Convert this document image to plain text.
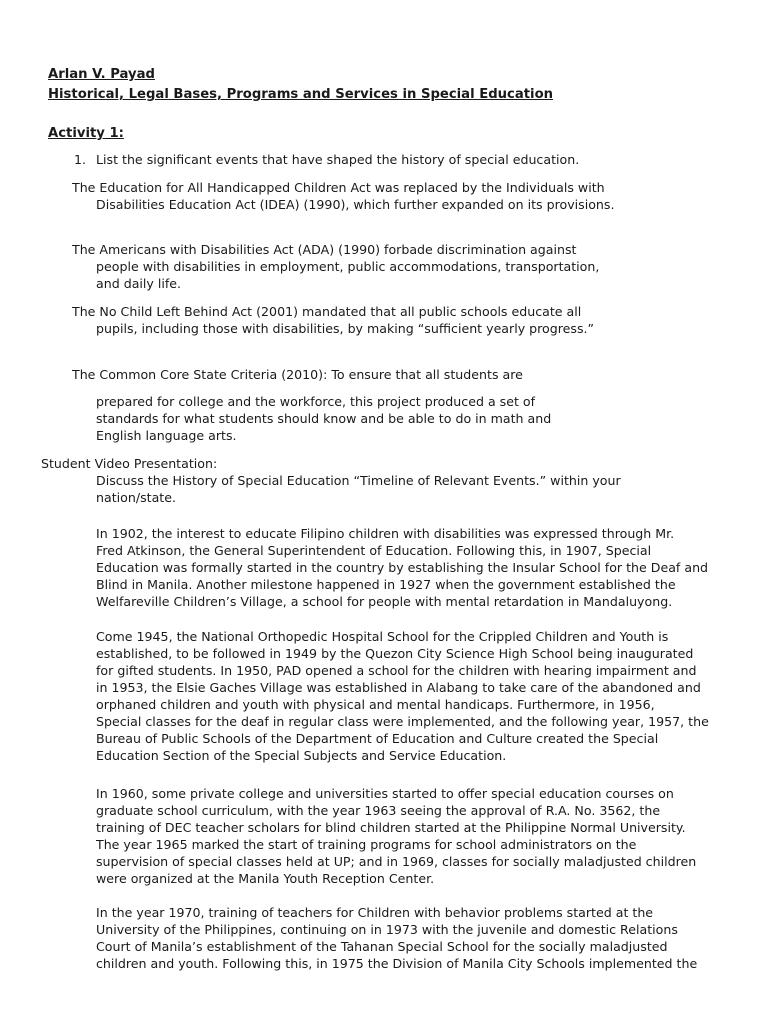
Arlan V. Payad
Historical, Legal Bases, Programs and Services in Special Education
Activity 1:
1. List the significant events that have shaped the history of special education.
The Education for All Handicapped Children Act was replaced by the Individuals with Disabilities Education Act (IDEA) (1990), which further expanded on its provisions.
The Americans with Disabilities Act (ADA) (1990) forbade discrimination against people with disabilities in employment, public accommodations, transportation, and daily life.
The No Child Left Behind Act (2001) mandated that all public schools educate all pupils, including those with disabilities, by making “sufficient yearly progress.”
The Common Core State Criteria (2010): To ensure that all students are
prepared for college and the workforce, this project produced a set of standards for what students should know and be able to do in math and English language arts.
Student Video Presentation:
Discuss the History of Special Education “Timeline of Relevant Events.” within your nation/state.
In 1902, the interest to educate Filipino children with disabilities was expressed through Mr.
Fred Atkinson, the General Superintendent of Education. Following this, in 1907, Special
Education was formally started in the country by establishing the Insular School for the Deaf and
Blind in Manila. Another milestone happened in 1927 when the government established the
Welfareville Children’s Village, a school for people with mental retardation in Mandaluyong.
Come 1945, the National Orthopedic Hospital School for the Crippled Children and Youth is
established, to be followed in 1949 by the Quezon City Science High School being inaugurated
for gifted students. In 1950, PAD opened a school for the children with hearing impairment and
in 1953, the Elsie Gaches Village was established in Alabang to take care of the abandoned and
orphaned children and youth with physical and mental handicaps. Furthermore, in 1956,
Special classes for the deaf in regular class were implemented, and the following year, 1957, the
Bureau of Public Schools of the Department of Education and Culture created the Special
Education Section of the Special Subjects and Service Education.
In 1960, some private college and universities started to offer special education courses on
graduate school curriculum, with the year 1963 seeing the approval of R.A. No. 3562, the
training of DEC teacher scholars for blind children started at the Philippine Normal University.
The year 1965 marked the start of training programs for school administrators on the
supervision of special classes held at UP; and in 1969, classes for socially maladjusted children
were organized at the Manila Youth Reception Center.
In the year 1970, training of teachers for Children with behavior problems started at the
University of the Philippines, continuing on in 1973 with the juvenile and domestic Relations
Court of Manila’s establishment of the Tahanan Special School for the socially maladjusted
children and youth. Following this, in 1975 the Division of Manila City Schools implemented the
